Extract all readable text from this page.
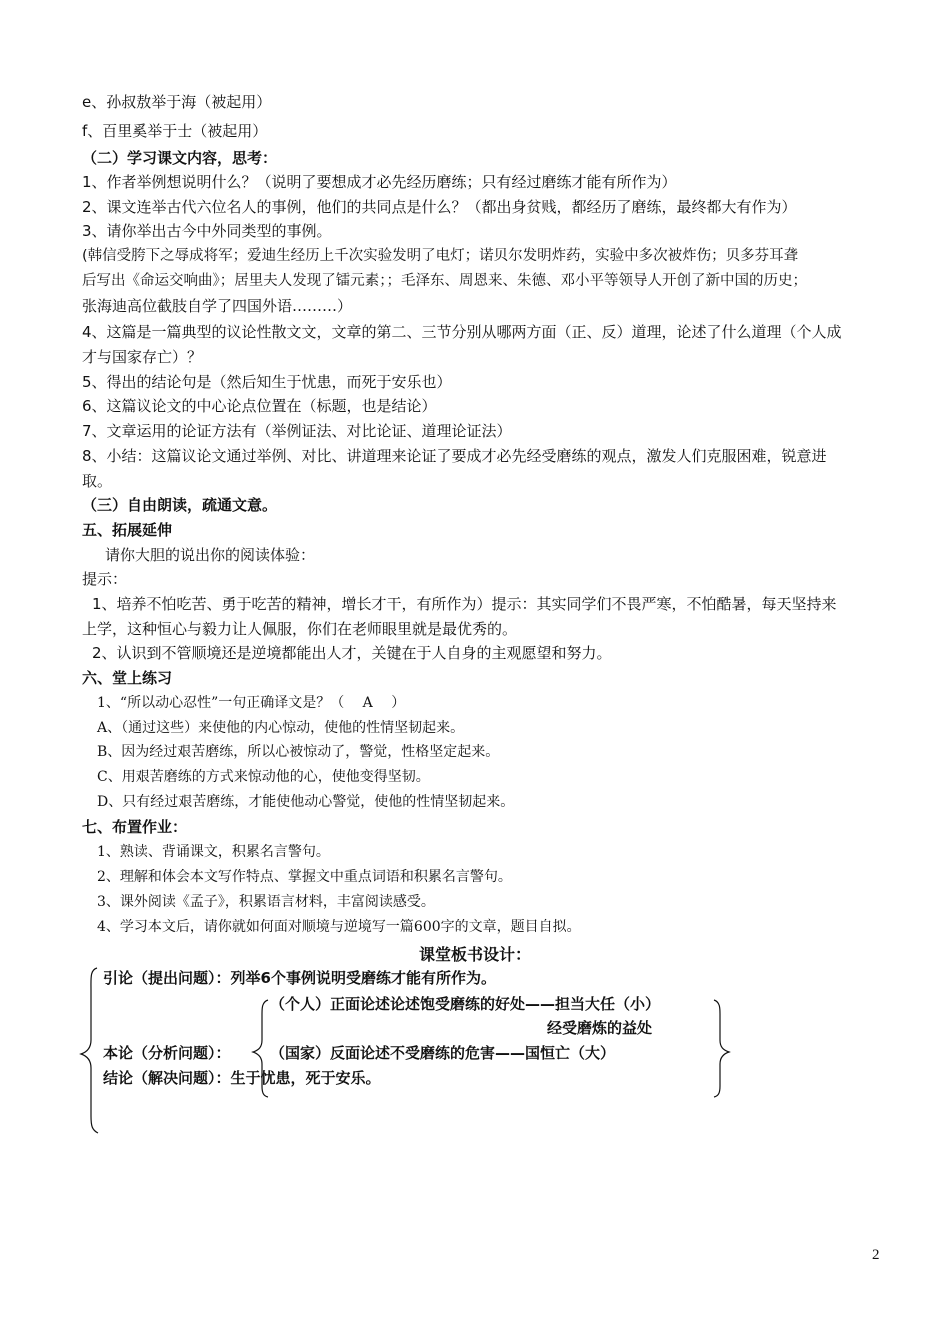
e、孙叔敖举于海（被起用）
f、百里奚举于士（被起用）
（二）学习课文内容，思考：
1、作者举例想说明什么？（说明了要想成才必先经历磨练；只有经过磨练才能有所作为）
2、课文连举古代六位名人的事例，他们的共同点是什么？（都出身贫贱，都经历了磨练，最终都大有作为）
3、请你举出古今中外同类型的事例。
(韩信受胯下之辱成将军；爱迪生经历上千次实验发明了电灯；诺贝尔发明炸药，实验中多次被炸伤；贝多芬耳聋
后写出《命运交响曲》；居里夫人发现了镭元素；；毛泽东、周恩来、朱德、邓小平等领导人开创了新中国的历史；
张海迪高位截肢自学了四国外语………）
4、这篇是一篇典型的议论性散文文，文章的第二、三节分别从哪两方面（正、反）道理，论述了什么道理（个人成
才与国家存亡）？
5、得出的结论句是（然后知生于忧患，而死于安乐也）
6、这篇议论文的中心论点位置在（标题，也是结论）
7、文章运用的论证方法有（举例证法、对比论证、道理论证法）
8、小结：这篇议论文通过举例、对比、讲道理来论证了要成才必先经受磨练的观点，激发人们克服困难，锐意进
取。
（三）自由朗读，疏通文意。
五、拓展延伸
请你大胆的说出你的阅读体验：
提示：
1、培养不怕吃苦、勇于吃苦的精神，增长才干，有所作为）提示：其实同学们不畏严寒，不怕酷暑，每天坚持来
上学，这种恒心与毅力让人佩服，你们在老师眼里就是最优秀的。
2、认识到不管顺境还是逆境都能出人才，关键在于人自身的主观愿望和努力。
六、堂上练习
1、“所以动心忍性”一句正确译文是？（　 A　 ）
A、（通过这些）来使他的内心惊动，使他的性情坚韧起来。
B、因为经过艰苦磨练，所以心被惊动了，警觉，性格坚定起来。
C、用艰苦磨练的方式来惊动他的心，使他变得坚韧。
D、只有经过艰苦磨练，才能使他动心警觉，使他的性情坚韧起来。
七、布置作业：
1、熟读、背诵课文，积累名言警句。
2、理解和体会本文写作特点、掌握文中重点词语和积累名言警句。
3、课外阅读《孟子》，积累语言材料，丰富阅读感受。
4、学习本文后，请你就如何面对顺境与逆境写一篇600字的文章，题目自拟。
课堂板书设计：
引论（提出问题）：列举6个事例说明受磨练才能有所作为。
本论（分析问题）：
（个人）正面论述论述饱受磨练的好处——担当大任（小）
经受磨炼的益处
（国家）反面论述不受磨练的危害——国恒亡（大）
结论（解决问题）：生于忧患，死于安乐。
2
